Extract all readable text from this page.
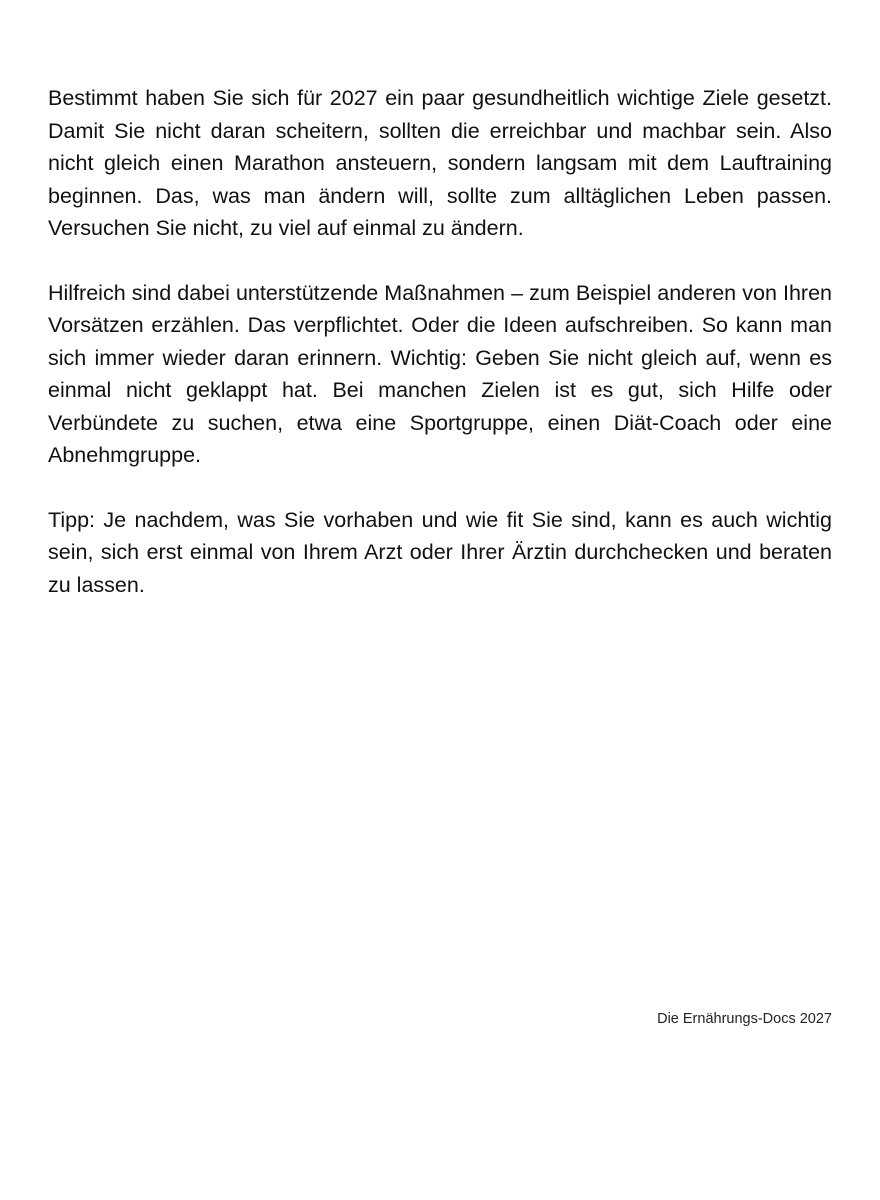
Bestimmt haben Sie sich für 2027 ein paar gesundheitlich wichtige Ziele gesetzt. Damit Sie nicht daran scheitern, sollten die erreichbar und machbar sein. Also nicht gleich einen Marathon ansteuern, sondern langsam mit dem Lauftraining beginnen. Das, was man ändern will, sollte zum alltäglichen Leben passen. Versuchen Sie nicht, zu viel auf einmal zu ändern.

Hilfreich sind dabei unterstützende Maßnahmen – zum Beispiel anderen von Ihren Vorsätzen erzählen. Das verpflichtet. Oder die Ideen aufschreiben. So kann man sich immer wieder daran erinnern. Wichtig: Geben Sie nicht gleich auf, wenn es einmal nicht geklappt hat. Bei manchen Zielen ist es gut, sich Hilfe oder Verbündete zu suchen, etwa eine Sportgruppe, einen Diät-Coach oder eine Abnehmgruppe.

Tipp: Je nachdem, was Sie vorhaben und wie fit Sie sind, kann es auch wichtig sein, sich erst einmal von Ihrem Arzt oder Ihrer Ärztin durchchecken und beraten zu lassen.

Die Ernährungs-Docs 2027
